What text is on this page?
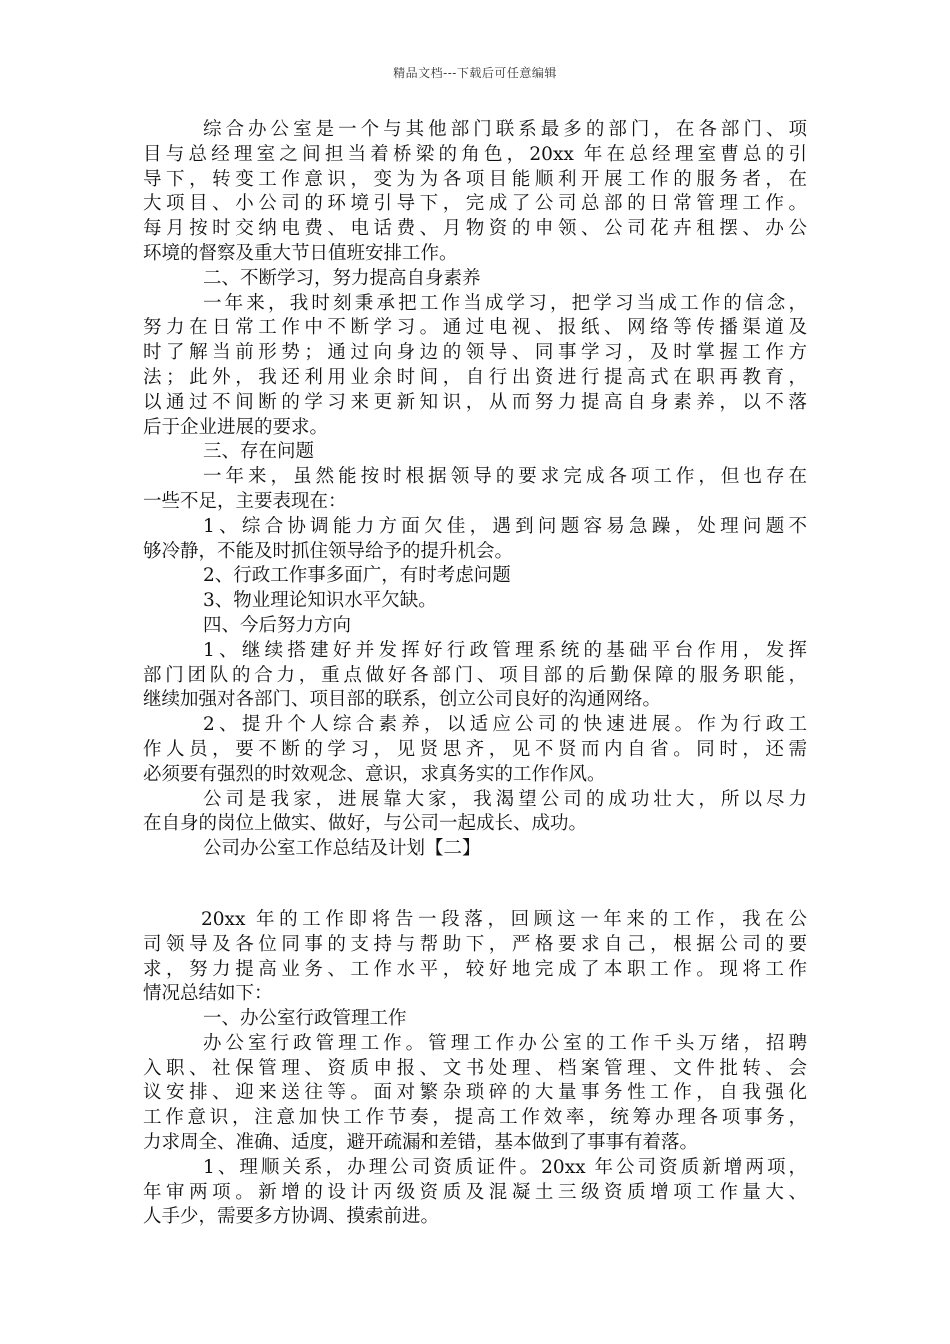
精品文档---下载后可任意编辑
综合办公室是一个与其他部门联系最多的部门，在各部门、项
目与总经理室之间担当着桥梁的角色，20xx 年在总经理室曹总的引
导下，转变工作意识，变为为各项目能顺利开展工作的服务者，在
大项目、小公司的环境引导下，完成了公司总部的日常管理工作。
每月按时交纳电费、电话费、月物资的申领、公司花卉租摆、办公
环境的督察及重大节日值班安排工作。
二、不断学习，努力提高自身素养
一年来，我时刻秉承把工作当成学习，把学习当成工作的信念，
努力在日常工作中不断学习。通过电视、报纸、网络等传播渠道及
时了解当前形势；通过向身边的领导、同事学习，及时掌握工作方
法；此外，我还利用业余时间，自行出资进行提高式在职再教育，
以通过不间断的学习来更新知识，从而努力提高自身素养，以不落
后于企业进展的要求。
三、存在问题
一年来，虽然能按时根据领导的要求完成各项工作，但也存在
一些不足，主要表现在：
1、综合协调能力方面欠佳，遇到问题容易急躁，处理问题不
够冷静，不能及时抓住领导给予的提升机会。
2、行政工作事多面广，有时考虑问题
3、物业理论知识水平欠缺。
四、今后努力方向
1、继续搭建好并发挥好行政管理系统的基础平台作用，发挥
部门团队的合力，重点做好各部门、项目部的后勤保障的服务职能，
继续加强对各部门、项目部的联系，创立公司良好的沟通网络。
2、提升个人综合素养，以适应公司的快速进展。作为行政工
作人员，要不断的学习，见贤思齐，见不贤而内自省。同时，还需
必须要有强烈的时效观念、意识，求真务实的工作作风。
公司是我家，进展靠大家，我渴望公司的成功壮大，所以尽力
在自身的岗位上做实、做好，与公司一起成长、成功。
公司办公室工作总结及计划【二】
20xx 年的工作即将告一段落，回顾这一年来的工作，我在公
司领导及各位同事的支持与帮助下，严格要求自己，根据公司的要
求，努力提高业务、工作水平，较好地完成了本职工作。现将工作
情况总结如下：
一、办公室行政管理工作
办公室行政管理工作。管理工作办公室的工作千头万绪，招聘
入职、社保管理、资质申报、文书处理、档案管理、文件批转、会
议安排、迎来送往等。面对繁杂琐碎的大量事务性工作，自我强化
工作意识，注意加快工作节奏，提高工作效率，统筹办理各项事务，
力求周全、准确、适度，避开疏漏和差错，基本做到了事事有着落。
1、理顺关系，办理公司资质证件。20xx 年公司资质新增两项，
年审两项。新增的设计丙级资质及混凝土三级资质增项工作量大、
人手少，需要多方协调、摸索前进。
